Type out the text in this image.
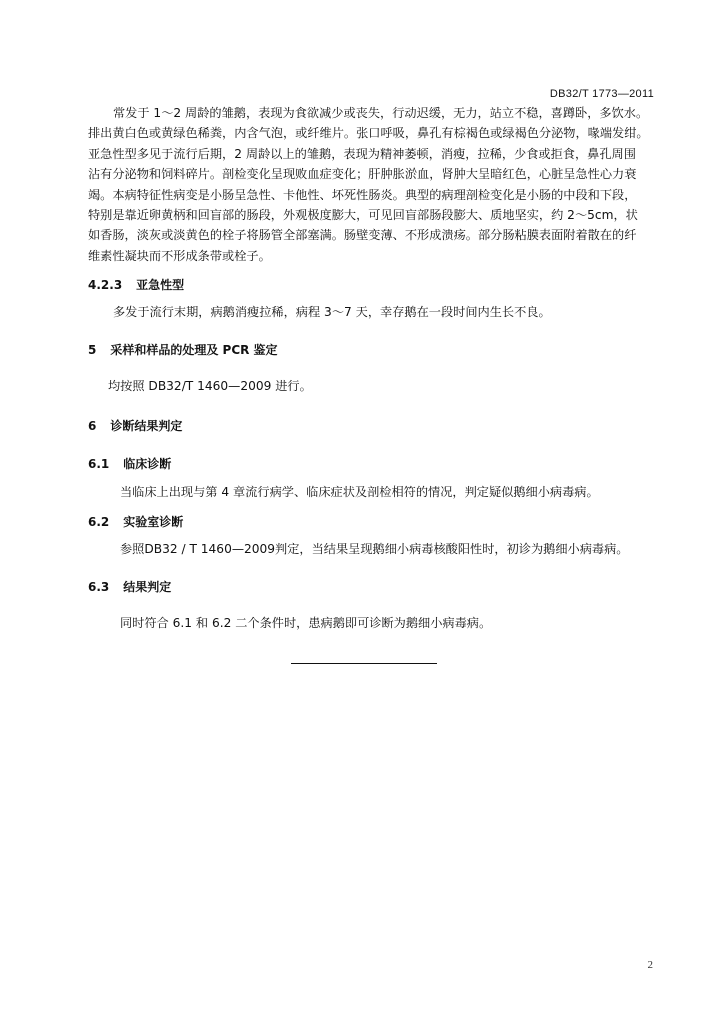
DB32/T 1773—2011
常发于 1～2 周龄的雏鹅，表现为食欲减少或丧失，行动迟缓，无力，站立不稳，喜蹲卧，多饮水。
排出黄白色或黄绿色稀粪，内含气泡，或纤维片。张口呼吸，鼻孔有棕褐色或绿褐色分泌物，喙端发绀。
亚急性型多见于流行后期，2 周龄以上的雏鹅，表现为精神萎顿，消瘦，拉稀，少食或拒食，鼻孔周围
沾有分泌物和饲料碎片。剖检变化呈现败血症变化；肝肿胀淤血，肾肿大呈暗红色，心脏呈急性心力衰
竭。本病特征性病变是小肠呈急性、卡他性、坏死性肠炎。典型的病理剖检变化是小肠的中段和下段，
特别是靠近卵黄柄和回盲部的肠段，外观极度膨大，可见回盲部肠段膨大、质地坚实，约 2～5cm，状
如香肠，淡灰或淡黄色的栓子将肠管全部塞满。肠壁变薄、不形成溃疡。部分肠粘膜表面附着散在的纤
维素性凝块而不形成条带或栓子。
4.2.3 亚急性型
多发于流行末期，病鹅消瘦拉稀，病程 3～7 天，幸存鹅在一段时间内生长不良。
5 采样和样品的处理及 PCR 鉴定
均按照 DB32/T 1460—2009 进行。
6 诊断结果判定
6.1 临床诊断
当临床上出现与第 4 章流行病学、临床症状及剖检相符的情况，判定疑似鹅细小病毒病。
6.2 实验室诊断
参照DB32 / T 1460—2009判定，当结果呈现鹅细小病毒核酸阳性时，初诊为鹅细小病毒病。
6.3 结果判定
同时符合 6.1 和 6.2 二个条件时，患病鹅即可诊断为鹅细小病毒病。
2
